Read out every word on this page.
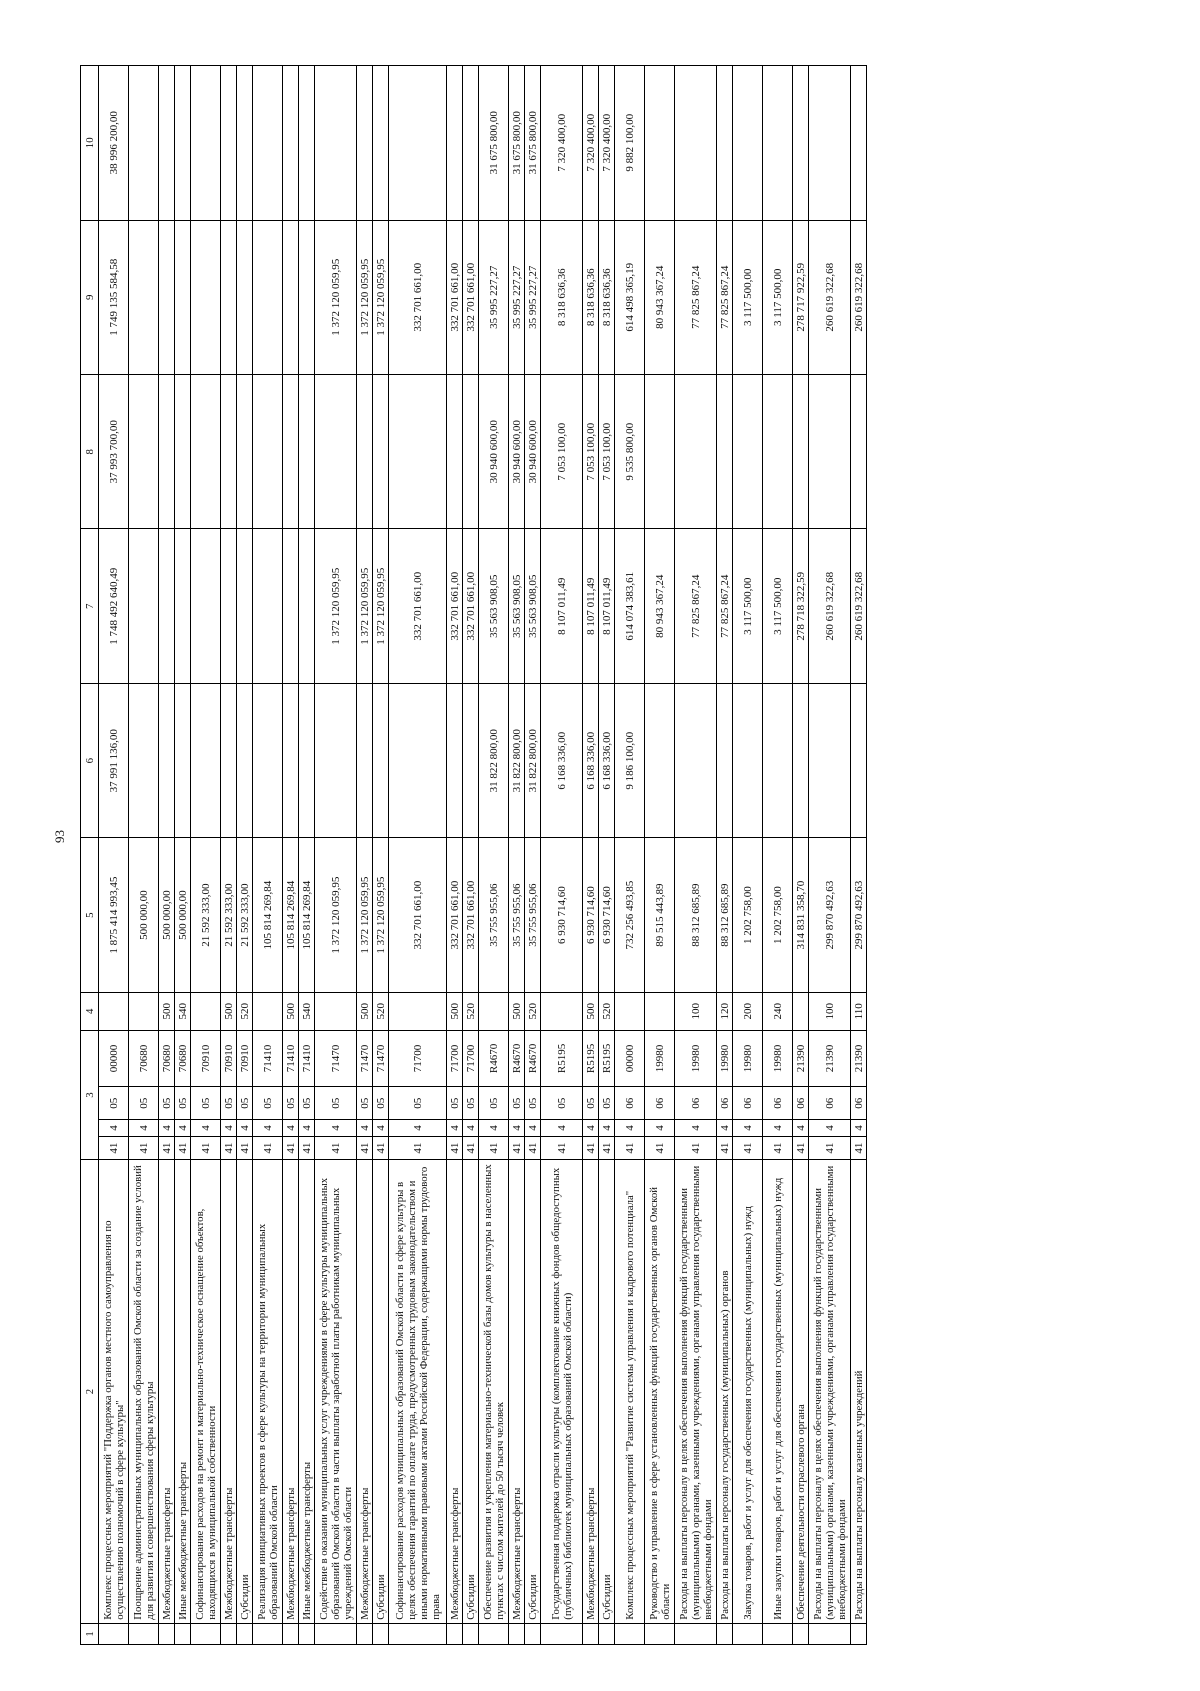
93
1	2	3				4	5	6	7	8	9	10
	Комплекс процессных мероприятий "Поддержка органов местного самоуправления по осуществлению полномочий в сфере культуры"	41	4	05	00000		1 875 414 993,45	37 991 136,00	1 748 492 640,49	37 993 700,00	1 749 135 584,58	38 996 200,00
	Поощрение административных муниципальных образований Омской области за создание условий для развития и совершенствования сферы культуры	41	4	05	70680		500 000,00					
	Межбюджетные трансферты	41	4	05	70680	500	500 000,00					
	Иные межбюджетные трансферты	41	4	05	70680	540	500 000,00					
	Софинансирование расходов на ремонт и материально-техническое оснащение объектов, находящихся в муниципальной собственности	41	4	05	70910		21 592 333,00					
	Межбюджетные трансферты	41	4	05	70910	500	21 592 333,00					
	Субсидии	41	4	05	70910	520	21 592 333,00					
	Реализация инициативных проектов в сфере культуры на территории муниципальных образований Омской области	41	4	05	71410		105 814 269,84					
	Межбюджетные трансферты	41	4	05	71410	500	105 814 269,84					
	Иные межбюджетные трансферты	41	4	05	71410	540	105 814 269,84					
	Содействие в оказании муниципальных услуг учреждениями в сфере культуры муниципальных образований Омской области в части выплаты заработной платы работникам муниципальных учреждений Омской области	41	4	05	71470		1 372 120 059,95		1 372 120 059,95		1 372 120 059,95	
	Межбюджетные трансферты	41	4	05	71470	500	1 372 120 059,95		1 372 120 059,95		1 372 120 059,95	
	Субсидии	41	4	05	71470	520	1 372 120 059,95		1 372 120 059,95		1 372 120 059,95	
	Софинансирование расходов муниципальных образований Омской области в сфере культуры в целях обеспечения гарантий по оплате труда, предусмотренных трудовым законодательством и иными нормативными правовыми актами Российской Федерации, содержащими нормы трудового права	41	4	05	71700		332 701 661,00		332 701 661,00		332 701 661,00	
	Межбюджетные трансферты	41	4	05	71700	500	332 701 661,00		332 701 661,00		332 701 661,00	
	Субсидии	41	4	05	71700	520	332 701 661,00		332 701 661,00		332 701 661,00	
	Обеспечение развития и укрепления материально-технической базы домов культуры в населенных пунктах с числом жителей до 50 тысяч человек	41	4	05	R4670		35 755 955,06	31 822 800,00	35 563 908,05	30 940 600,00	35 995 227,27	31 675 800,00
	Межбюджетные трансферты	41	4	05	R4670	500	35 755 955,06	31 822 800,00	35 563 908,05	30 940 600,00	35 995 227,27	31 675 800,00
	Субсидии	41	4	05	R4670	520	35 755 955,06	31 822 800,00	35 563 908,05	30 940 600,00	35 995 227,27	31 675 800,00
	Государственная поддержка отрасли культуры (комплектование книжных фондов общедоступных (публичных) библиотек муниципальных образований Омской области)	41	4	05	R5195		6 930 714,60	6 168 336,00	8 107 011,49	7 053 100,00	8 318 636,36	7 320 400,00
	Межбюджетные трансферты	41	4	05	R5195	500	6 930 714,60	6 168 336,00	8 107 011,49	7 053 100,00	8 318 636,36	7 320 400,00
	Субсидии	41	4	05	R5195	520	6 930 714,60	6 168 336,00	8 107 011,49	7 053 100,00	8 318 636,36	7 320 400,00
	Комплекс процессных мероприятий "Развитие системы управления и кадрового потенциала"	41	4	06	00000		732 256 493,85	9 186 100,00	614 074 383,61	9 535 800,00	614 498 365,19	9 882 100,00
	Руководство и управление в сфере установленных функций государственных органов Омской области	41	4	06	19980		89 515 443,89		80 943 367,24		80 943 367,24	
	Расходы на выплаты персоналу в целях обеспечения выполнения функций государственными (муниципальными) органами, казенными учреждениями, органами управления государственными внебюджетными фондами	41	4	06	19980	100	88 312 685,89		77 825 867,24		77 825 867,24	
	Расходы на выплаты персоналу государственных (муниципальных) органов	41	4	06	19980	120	88 312 685,89		77 825 867,24		77 825 867,24	
	Закупка товаров, работ и услуг для обеспечения государственных (муниципальных) нужд	41	4	06	19980	200	1 202 758,00		3 117 500,00		3 117 500,00	
	Иные закупки товаров, работ и услуг для обеспечения государственных (муниципальных) нужд	41	4	06	19980	240	1 202 758,00		3 117 500,00		3 117 500,00	
	Обеспечение деятельности отраслевого органа	41	4	06	21390		314 831 358,70		278 718 322,59		278 717 922,59	
	Расходы на выплаты персоналу в целях обеспечения выполнения функций государственными (муниципальными) органами, казенными учреждениями, органами управления государственными внебюджетными фондами	41	4	06	21390	100	299 870 492,63		260 619 322,68		260 619 322,68	
	Расходы на выплаты персоналу казенных учреждений	41	4	06	21390	110	299 870 492,63		260 619 322,68		260 619 322,68	
